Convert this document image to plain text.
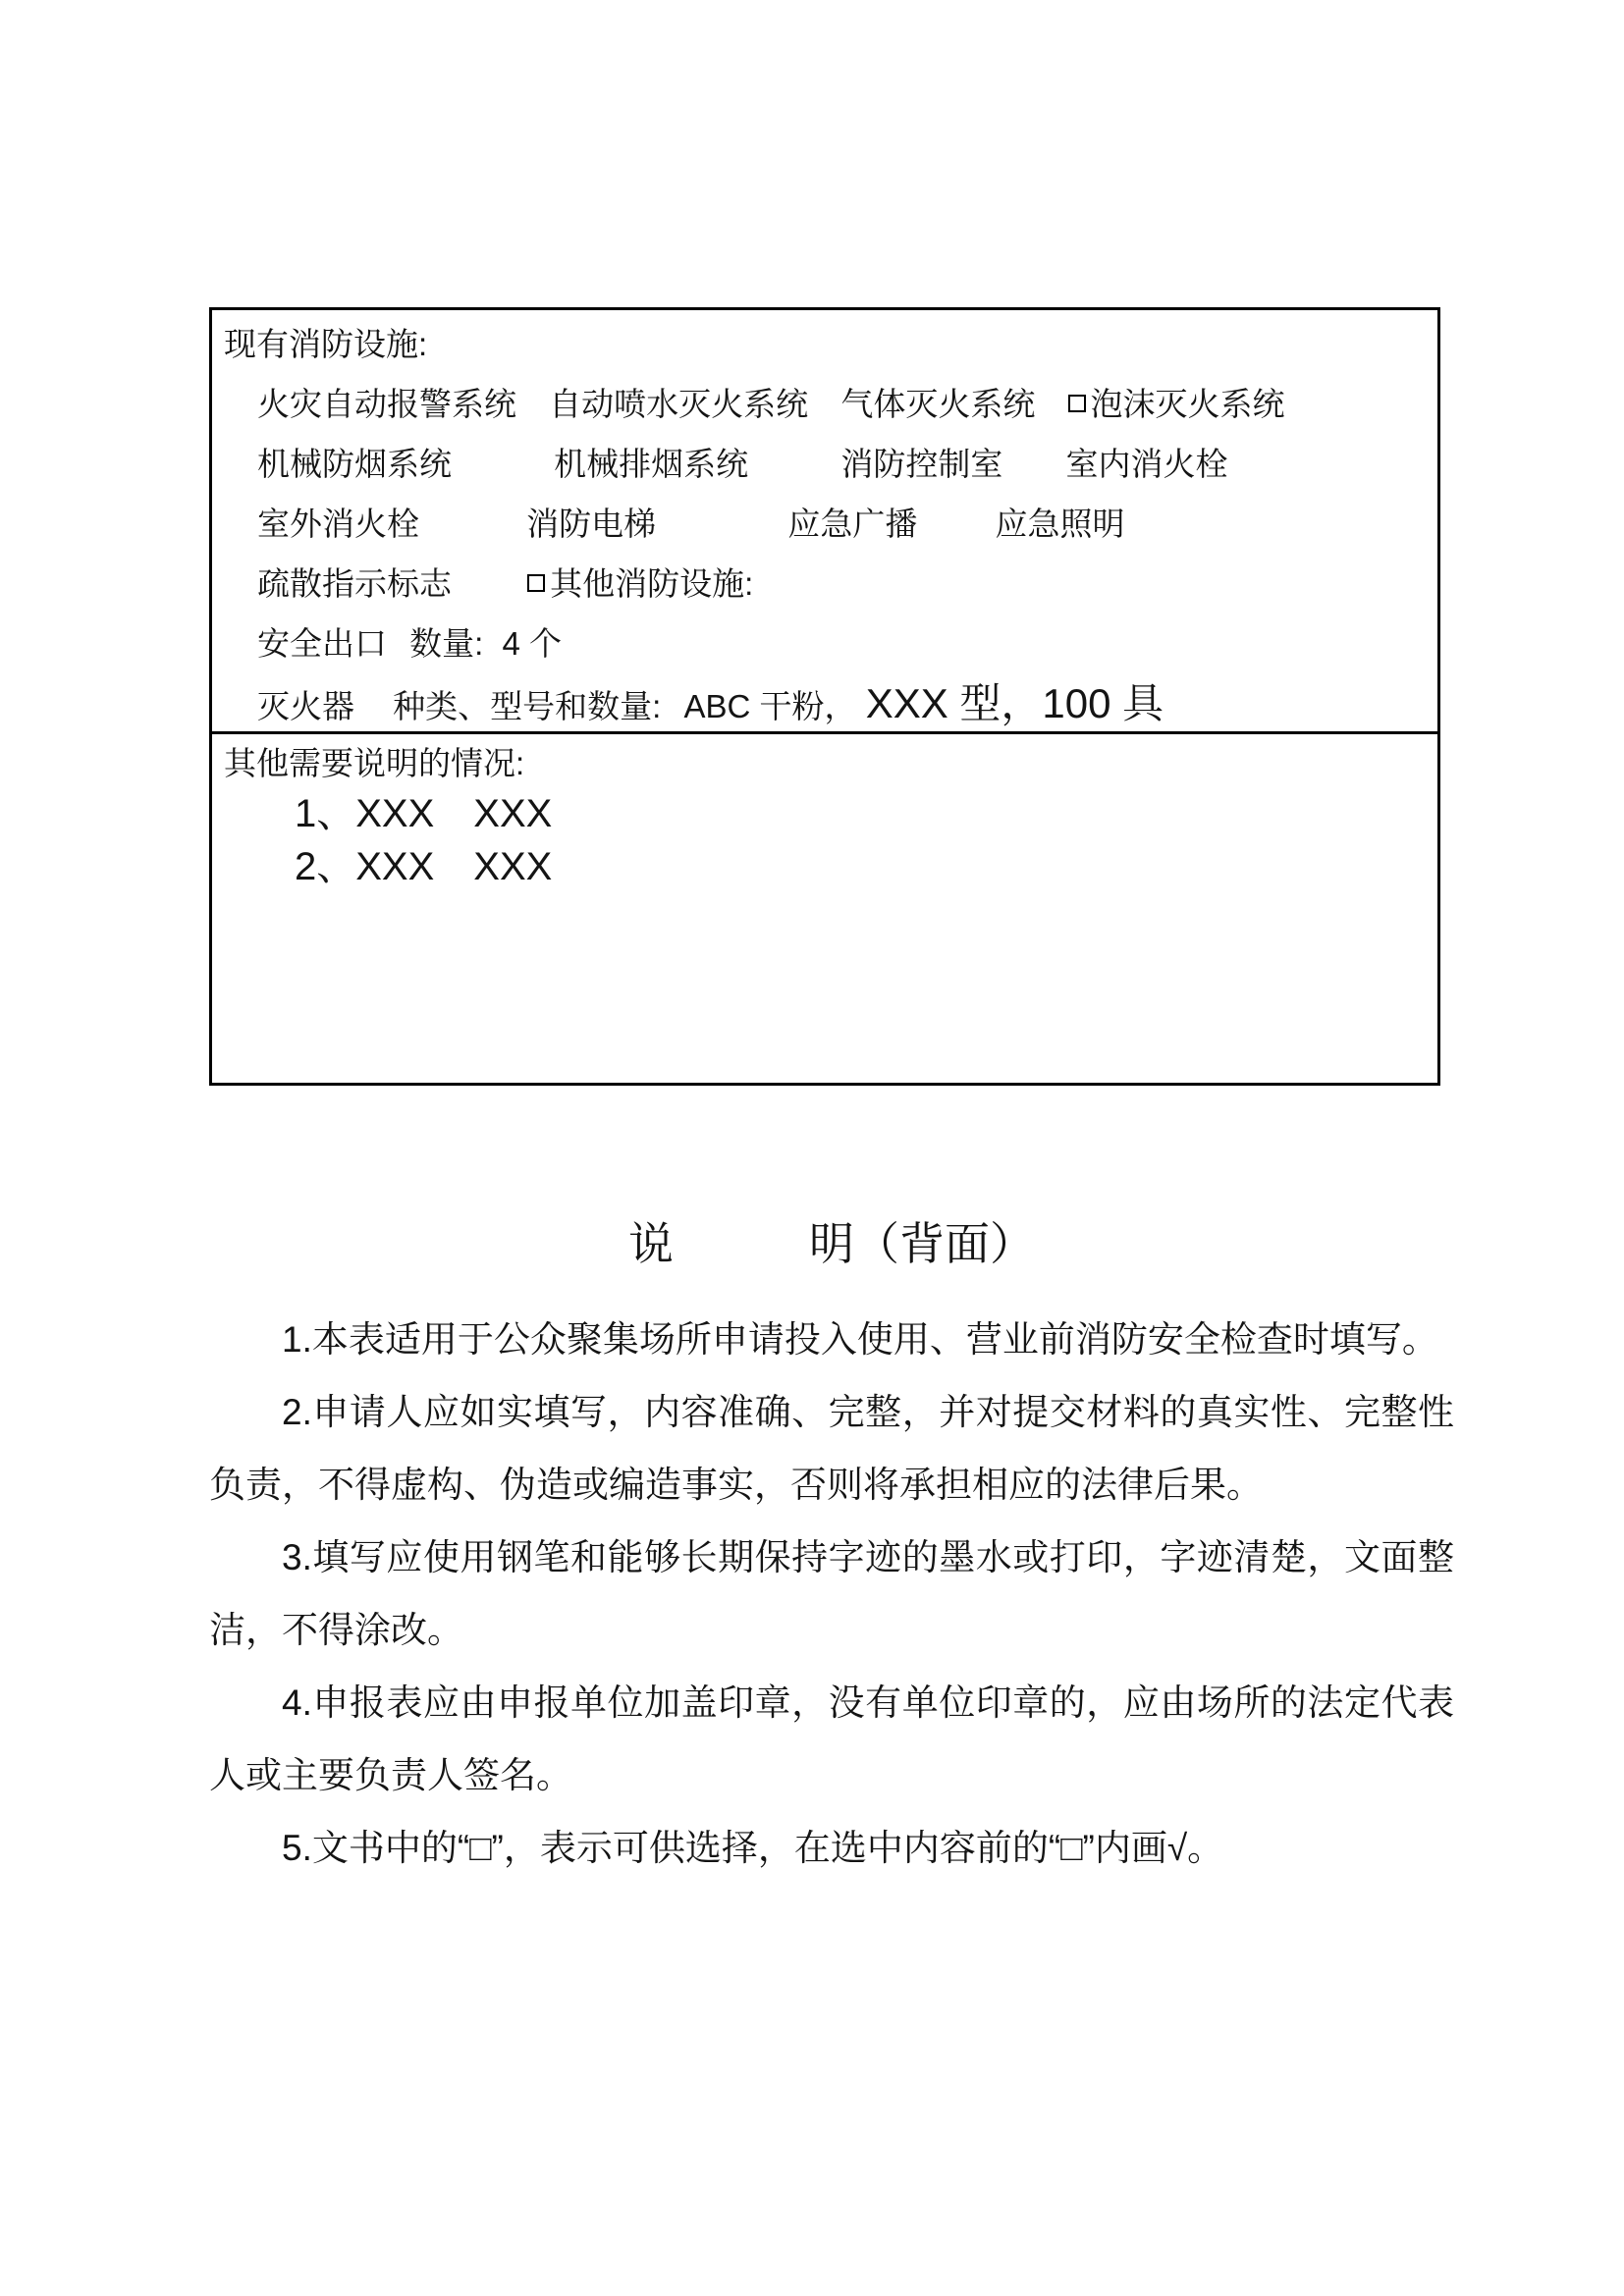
现有消防设施:
火灾自动报警系统 自动喷水灭火系统 气体灭火系统 泡沫灭火系统
机械防烟系统	机械排烟系统	消防控制室 室内消火栓
室外消火栓	消防电梯	应急广播 应急照明
疏散指示标志	其他消防设施:
安全出口 数量: 4 个
灭火器 种类、型号和数量: ABC 干粉， XXX 型，100 具
其他需要说明的情况:
1、XXX　XXX
2、XXX　XXX
说　　　明（背面）

1.本表适用于公众聚集场所申请投入使用、营业前消防安全检查时填写。

2.申请人应如实填写，内容准确、完整，并对提交材料的真实性、完整性负责，不得虚构、伪造或编造事实，否则将承担相应的法律后果。

3.填写应使用钢笔和能够长期保持字迹的墨水或打印，字迹清楚，文面整洁，不得涂改。

4.申报表应由申报单位加盖印章，没有单位印章的，应由场所的法定代表人或主要负责人签名。

5.文书中的“□”，表示可供选择，在选中内容前的“□”内画√。
